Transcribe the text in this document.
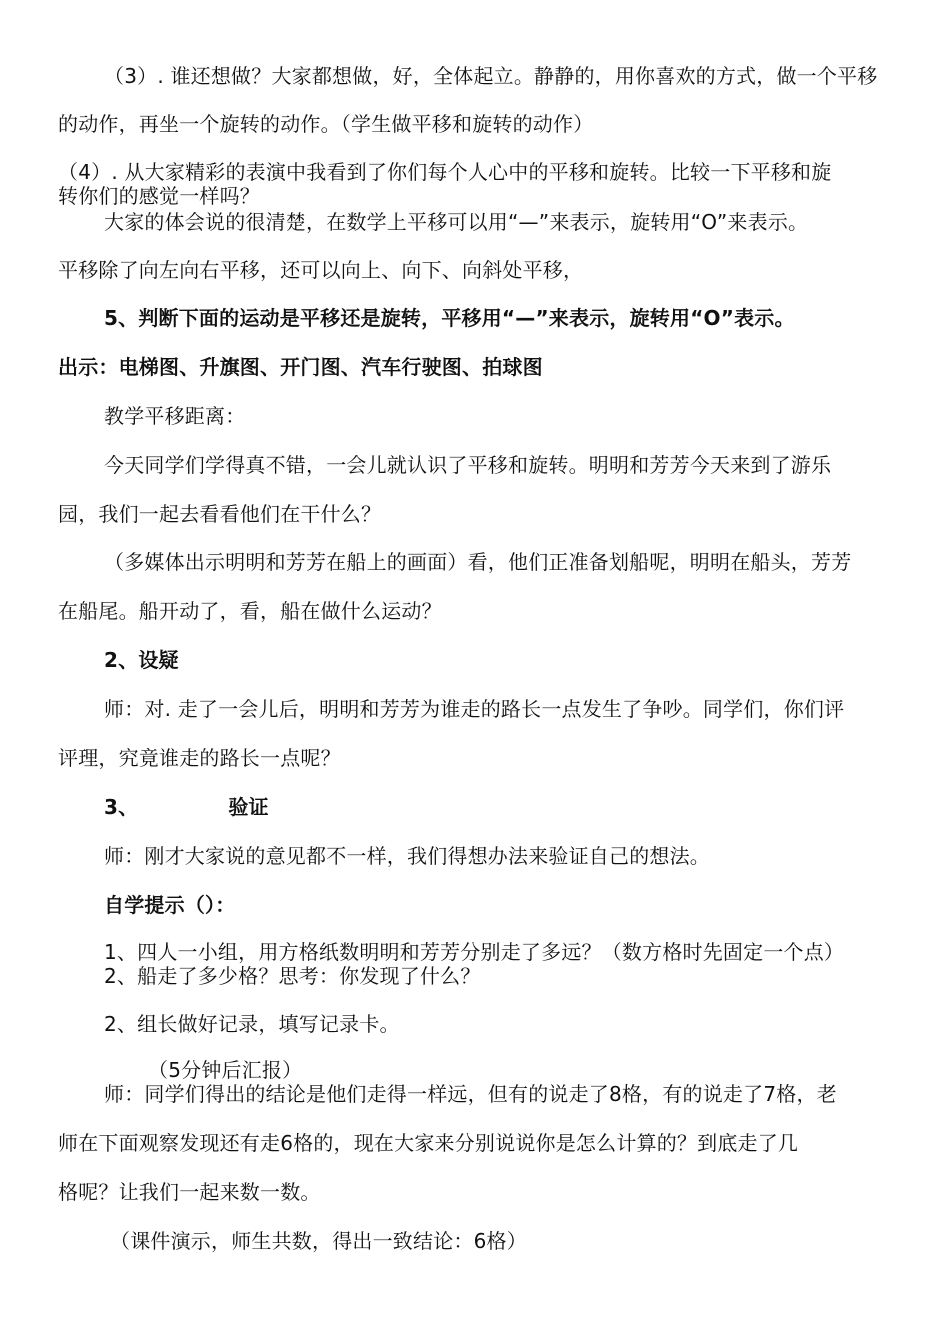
（3）. 谁还想做？大家都想做，好，全体起立。静静的，用你喜欢的方式，做一个平移
的动作，再坐一个旋转的动作。（学生做平移和旋转的动作）
（4）. 从大家精彩的表演中我看到了你们每个人心中的平移和旋转。比较一下平移和旋
转你们的感觉一样吗？
大家的体会说的很清楚，在数学上平移可以用“—”来表示，旋转用“O”来表示。
平移除了向左向右平移，还可以向上、向下、向斜处平移，
5、判断下面的运动是平移还是旋转，平移用“—”来表示，旋转用“O”表示。
出示：电梯图、升旗图、开门图、汽车行驶图、拍球图
教学平移距离：
今天同学们学得真不错，一会儿就认识了平移和旋转。明明和芳芳今天来到了游乐
园，我们一起去看看他们在干什么？
（多媒体出示明明和芳芳在船上的画面）看，他们正准备划船呢，明明在船头，芳芳
在船尾。船开动了，看，船在做什么运动？
2、设疑
师：对. 走了一会儿后，明明和芳芳为谁走的路长一点发生了争吵。同学们，你们评
评理，究竟谁走的路长一点呢？
3、	验证
师：刚才大家说的意见都不一样，我们得想办法来验证自己的想法。
自学提示（）：
1、四人一小组，用方格纸数明明和芳芳分别走了多远？（数方格时先固定一个点）
2、船走了多少格？思考：你发现了什么？
2、组长做好记录，填写记录卡。
（5分钟后汇报）
师：同学们得出的结论是他们走得一样远，但有的说走了8格，有的说走了7格，老
师在下面观察发现还有走6格的，现在大家来分别说说你是怎么计算的？到底走了几
格呢？让我们一起来数一数。
（课件演示，师生共数，得出一致结论：6格）
